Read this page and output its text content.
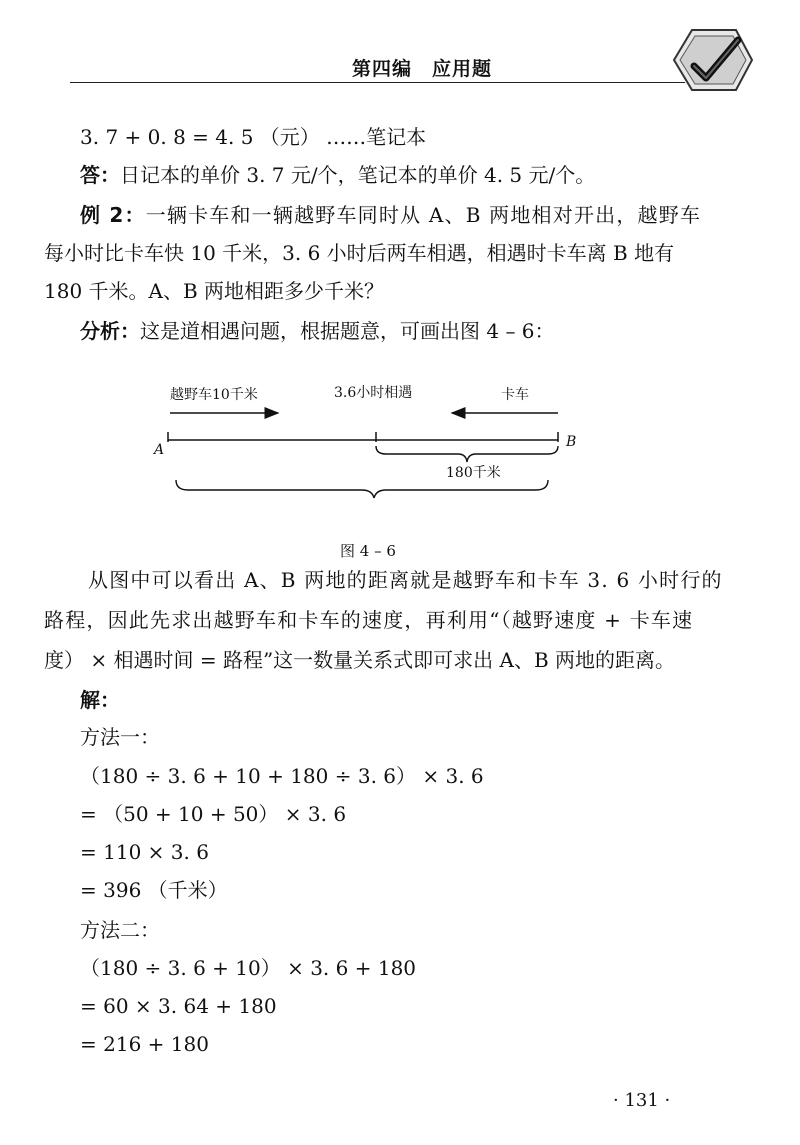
第四编　应用题
3. 7 + 0. 8 = 4. 5 （元） ……笔记本
答：日记本的单价 3. 7 元/个，笔记本的单价 4. 5 元/个。
例 2：一辆卡车和一辆越野车同时从 A、B 两地相对开出，越野车
每小时比卡车快 10 千米，3. 6 小时后两车相遇，相遇时卡车离 B 地有
180 千米。A、B 两地相距多少千米？
分析：这是道相遇问题，根据题意，可画出图 4 – 6：
越野车10千米	3.6小时相遇	卡车
A	B
180千米
图 4 – 6
从图中可以看出 A、B 两地的距离就是越野车和卡车 3. 6 小时行的
路程，因此先求出越野车和卡车的速度，再利用“（越野速度 + 卡车速
度） × 相遇时间 = 路程”这一数量关系式即可求出 A、B 两地的距离。
解：
方法一：
（180 ÷ 3. 6 + 10 + 180 ÷ 3. 6） × 3. 6
= （50 + 10 + 50） × 3. 6
= 110 × 3. 6
= 396 （千米）
方法二：
（180 ÷ 3. 6 + 10） × 3. 6 + 180
= 60 × 3. 64 + 180
= 216 + 180
· 131 ·
